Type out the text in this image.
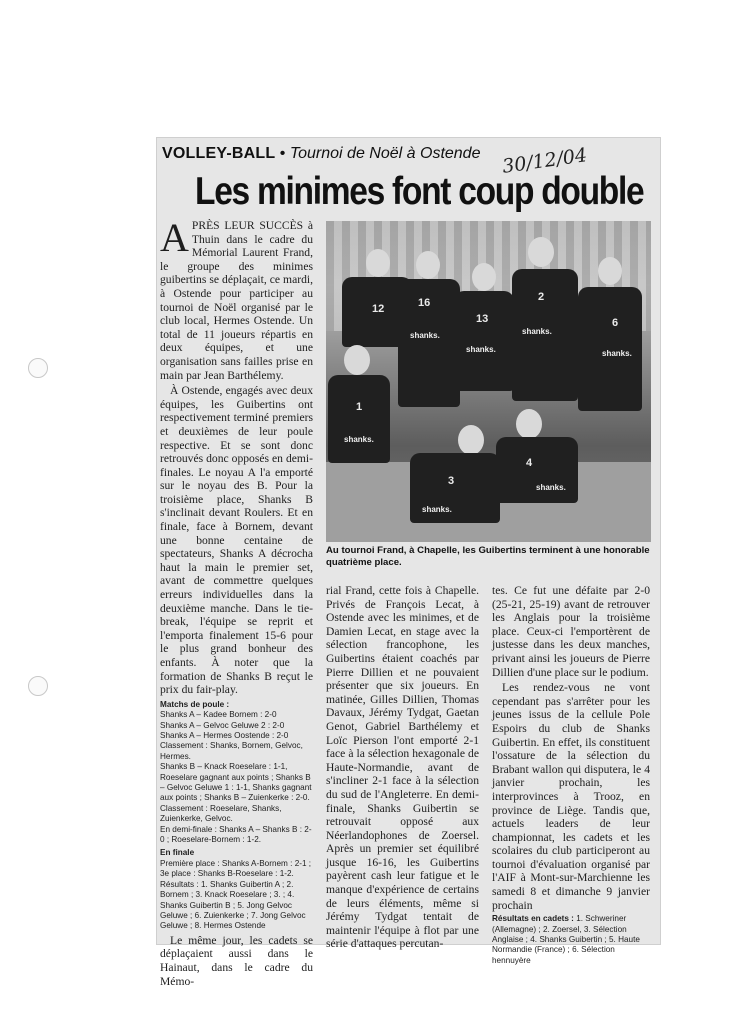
VOLLEY-BALL • Tournoi de Noël à Ostende 30/12/04
Les minimes font coup double

APRÈS LEUR SUCCÈS à Thuin dans le cadre du Mémorial Laurent Frand, le groupe des minimes guibertins se déplaçait, ce mardi, à Ostende pour participer au tournoi de Noël organisé par le club local, Hermes Ostende. Un total de 11 joueurs répartis en deux équipes, et une organisation sans failles prise en main par Jean Barthélemy.

À Ostende, engagés avec deux équipes, les Guibertins ont respectivement terminé premiers et deuxièmes de leur poule respective. Et se sont donc retrouvés donc opposés en demi-finales. Le noyau A l'a emporté sur le noyau des B. Pour la troisième place, Shanks B s'inclinait devant Roulers. Et en finale, face à Bornem, devant une bonne centaine de spectateurs, Shanks A décrocha haut la main le premier set, avant de commettre quelques erreurs individuelles dans la deuxième manche. Dans le tie-break, l'équipe se reprit et l'emporta finalement 15-6 pour le plus grand bonheur des enfants. À noter que la formation de Shanks B reçut le prix du fair-play.

Matchs de poule :
Shanks A – Kadee Bornem : 2-0
Shanks A – Gelvoc Geluwe 2 : 2-0
Shanks A – Hermes Oostende : 2-0
Classement : Shanks, Bornem, Gelvoc, Hermes.
Shanks B – Knack Roeselare : 1-1, Roeselare gagnant aux points ; Shanks B – Gelvoc Geluwe 1 : 1-1, Shanks gagnant aux points ; Shanks B – Zuienkerke : 2-0.
Classement : Roeselare, Shanks, Zuienkerke, Gelvoc.
En demi-finale : Shanks A – Shanks B : 2-0 ; Roeselare-Bornem : 1-2.
En finale
Première place : Shanks A-Bornem : 2-1 ;
3e place : Shanks B-Roeselare : 1-2. Résultats : 1. Shanks Guibertin A ; 2. Bornem ; 3. Knack Roeselare ; 3. ; 4. Shanks Guibertin B ; 5. Jong Gelvoc Geluwe ; 6. Zuienkerke ; 7. Jong Gelvoc Geluwe ; 8. Hermes Ostende

Le même jour, les cadets se déplaçaient aussi dans le Hainaut, dans le cadre du Mémo-

12	16
shanks.
13
shanks.
2
shanks.
6
shanks.
1
shanks.
3
shanks.
4
shanks.
Au tournoi Frand, à Chapelle, les Guibertins terminent à une honorable quatrième place.

rial Frand, cette fois à Chapelle. Privés de François Lecat, à Ostende avec les minimes, et de Damien Lecat, en stage avec la sélection francophone, les Guibertins étaient coachés par Pierre Dillien et ne pouvaient présenter que six joueurs. En matinée, Gilles Dillien, Thomas Davaux, Jérémy Tydgat, Gaetan Genot, Gabriel Barthélemy et Loïc Pierson l'ont emporté 2-1 face à la sélection hexagonale de Haute-Normandie, avant de s'incliner 2-1 face à la sélection du sud de l'Angleterre. En demi-finale, Shanks Guibertin se retrouvait opposé aux Néerlandophones de Zoersel. Après un premier set équilibré jusque 16-16, les Guibertins payèrent cash leur fatigue et le manque d'expérience de certains de leurs éléments, même si Jérémy Tydgat tentait de maintenir l'équipe à flot par une série d'attaques percutan-

tes. Ce fut une défaite par 2-0 (25-21, 25-19) avant de retrouver les Anglais pour la troisième place. Ceux-ci l'emportèrent de justesse dans les deux manches, privant ainsi les joueurs de Pierre Dillien d'une place sur le podium.

Les rendez-vous ne vont cependant pas s'arrêter pour les jeunes issus de la cellule Pole Espoirs du club de Shanks Guibertin. En effet, ils constituent l'ossature de la sélection du Brabant wallon qui disputera, le 4 janvier prochain, les interprovinces à Trooz, en province de Liège. Tandis que, actuels leaders de leur championnat, les cadets et les scolaires du club participeront au tournoi d'évaluation organisé par l'AIF à Mont-sur-Marchienne les samedi 8 et dimanche 9 janvier prochain

Résultats en cadets : 1. Schweriner (Allemagne) ; 2. Zoersel, 3. Sélection Anglaise ; 4. Shanks Guibertin ; 5. Haute Normandie (France) ; 6. Sélection hennuyère
